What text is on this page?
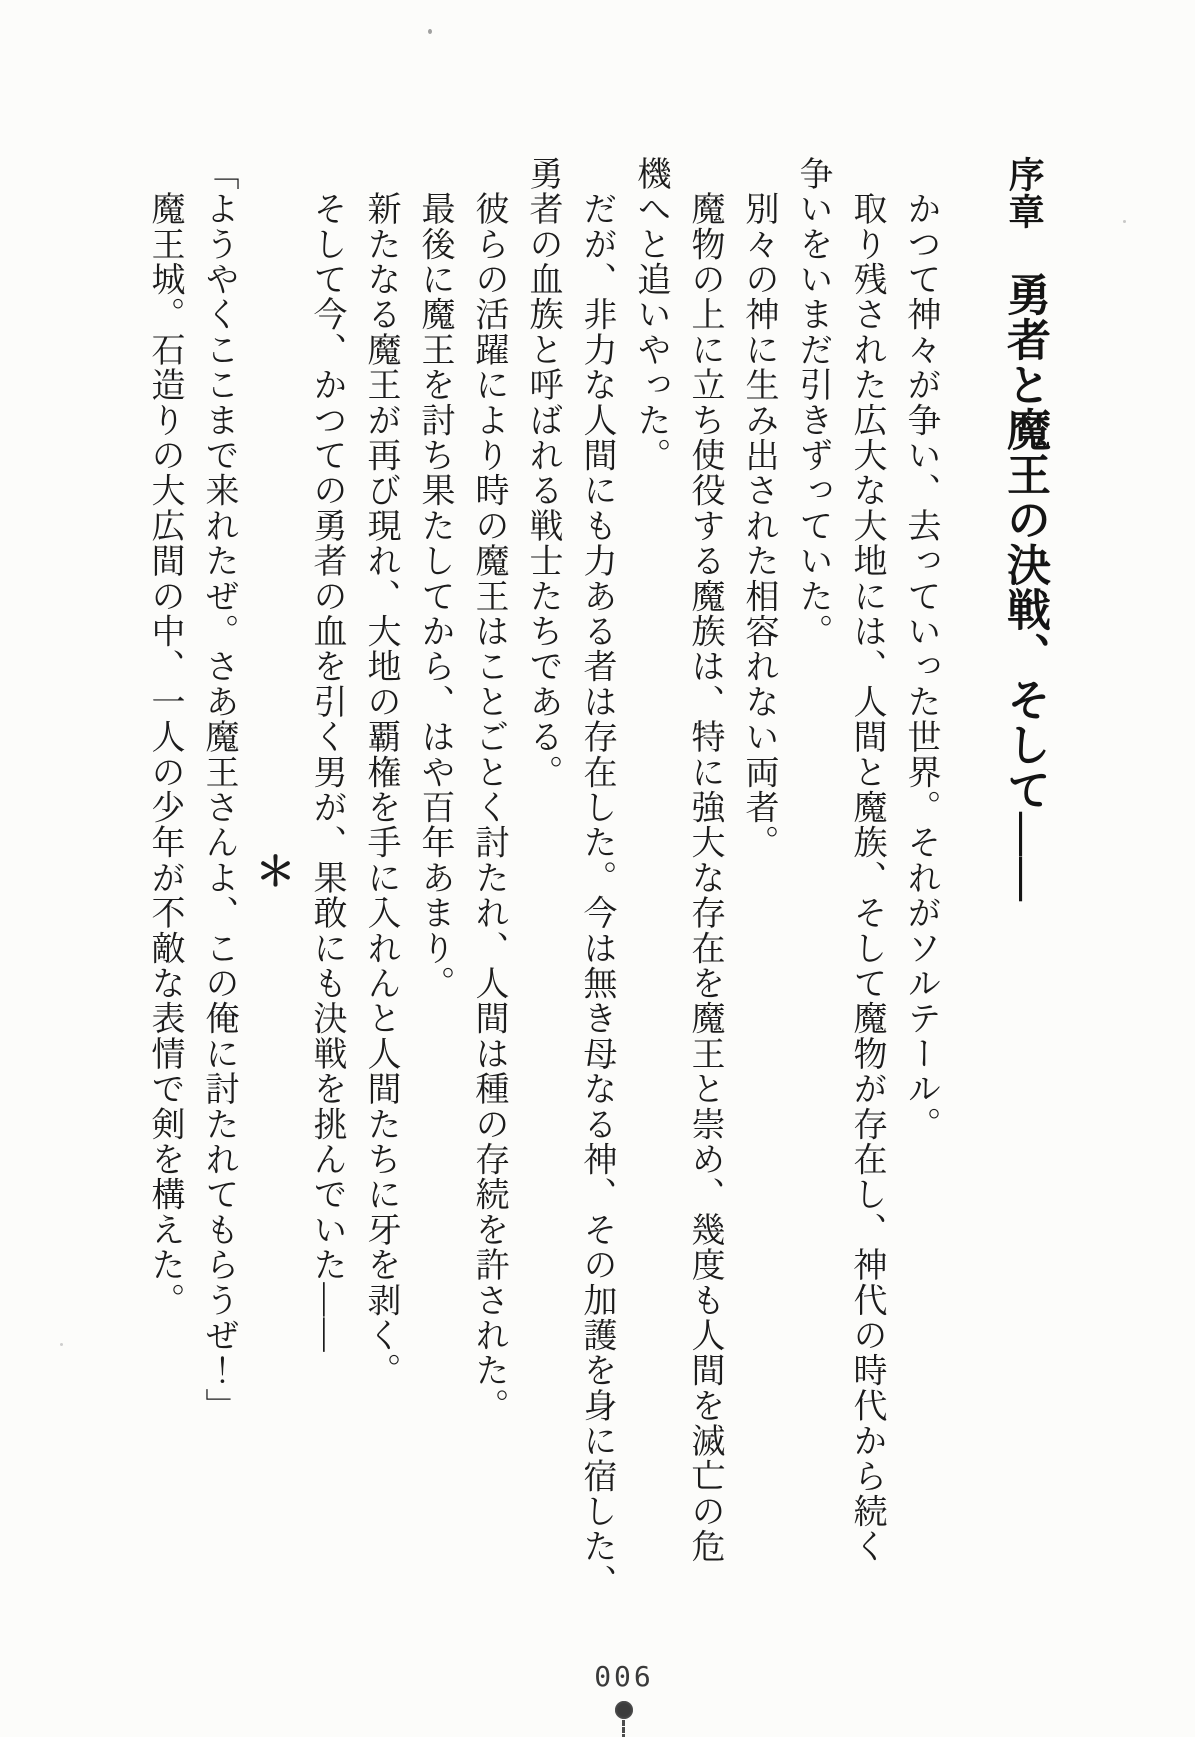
序章勇者と魔王の決戦、そして――

　かつて神々が争い、去っていった世界。それがソルテール。

　取り残された広大な大地には、人間と魔族、そして魔物が存在し、神代の時代から続く

争いをいまだ引きずっていた。

　別々の神に生み出された相容れない両者。

　魔物の上に立ち使役する魔族は、特に強大な存在を魔王と崇め、幾度も人間を滅亡の危

機へと追いやった。

　だが、非力な人間にも力ある者は存在した。今は無き母なる神、その加護を身に宿した、

勇者の血族と呼ばれる戦士たちである。

　彼らの活躍により時の魔王はことごとく討たれ、人間は種の存続を許された。

　最後に魔王を討ち果たしてから、はや百年あまり。

　新たなる魔王が再び現れ、大地の覇権を手に入れんと人間たちに牙を剥く。

　そして今、かつての勇者の血を引く男が、果敢にも決戦を挑んでいた――

＊

「ようやくここまで来れたぜ。さあ魔王さんよ、この俺に討たれてもらうぜ！」

　魔王城。石造りの大広間の中、一人の少年が不敵な表情で剣を構えた。

006
